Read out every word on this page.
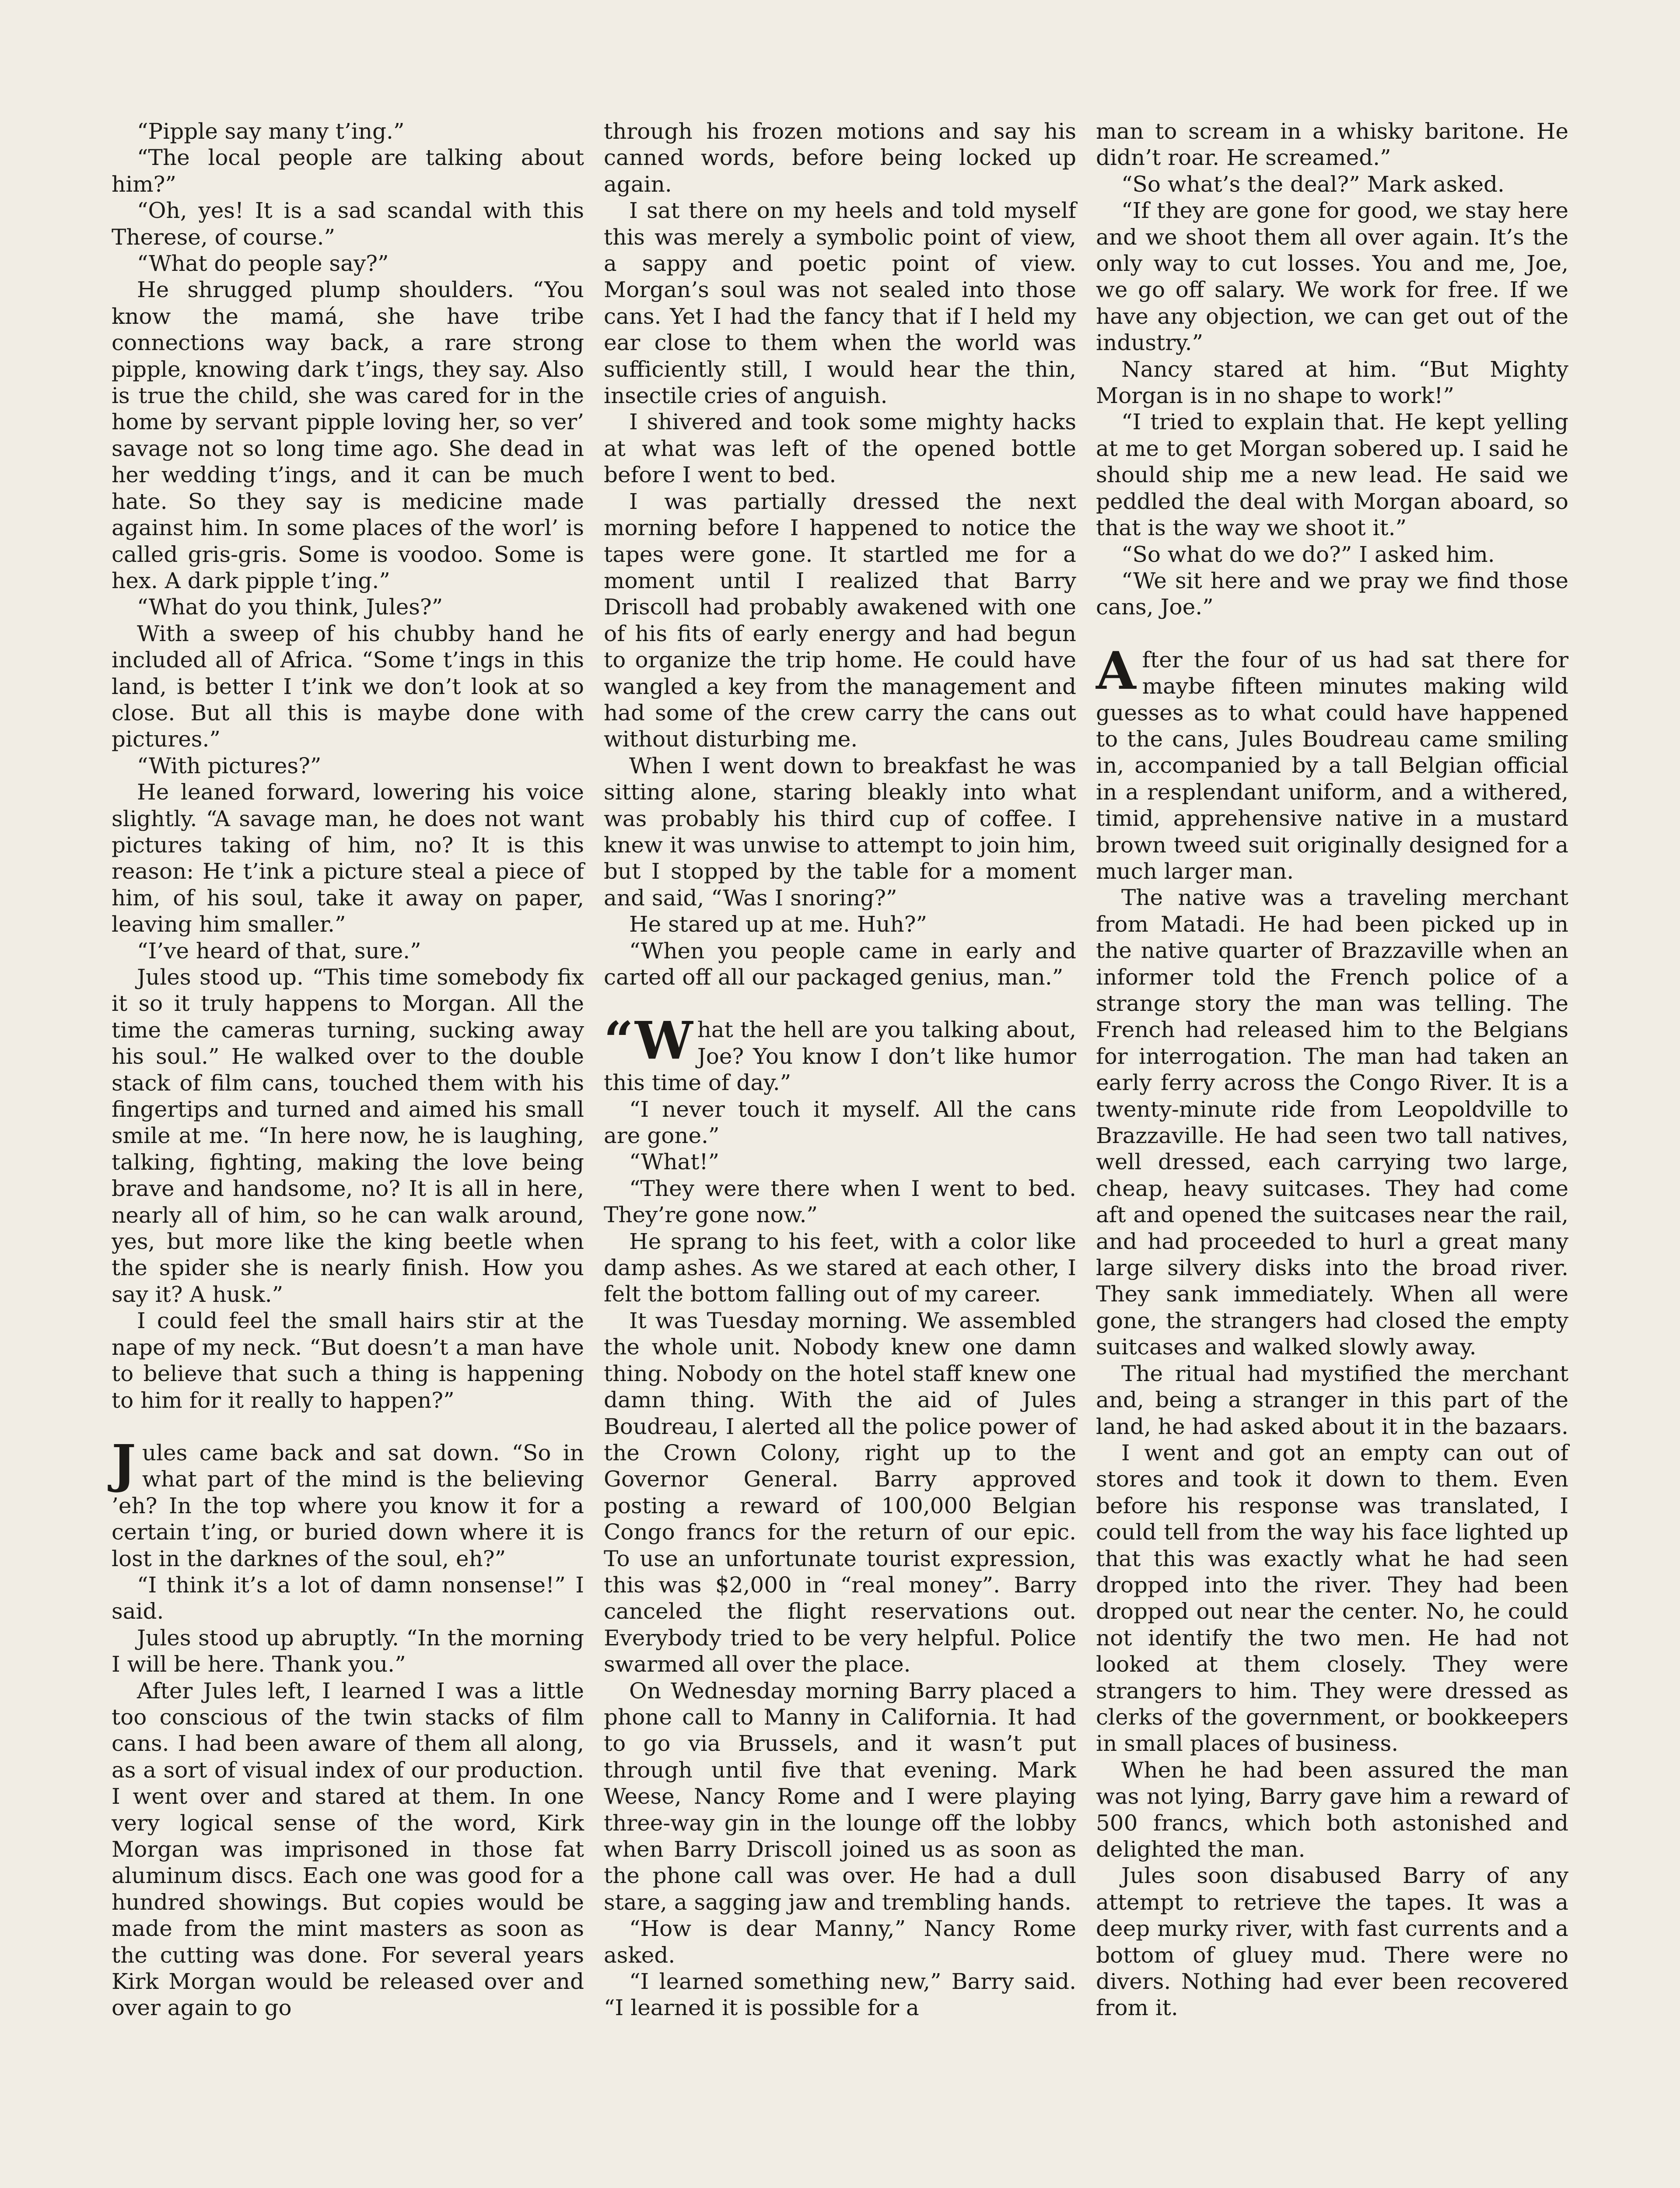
“Pipple say many t’ing.”

“The local people are talking about him?”

“Oh, yes! It is a sad scandal with this Therese, of course.”

“What do people say?”

He shrugged plump shoulders. “You know the mamá, she have tribe connections way back, a rare strong pipple, knowing dark t’ings, they say. Also is true the child, she was cared for in the home by servant pipple loving her, so ver’ savage not so long time ago. She dead in her wedding t’ings, and it can be much hate. So they say is medicine made against him. In some places of the worl’ is called gris-gris. Some is voodoo. Some is hex. A dark pipple t’ing.”

“What do you think, Jules?”

With a sweep of his chubby hand he included all of Africa. “Some t’ings in this land, is better I t’ink we don’t look at so close. But all this is maybe done with pictures.”

“With pictures?”

He leaned forward, lowering his voice slightly. “A savage man, he does not want pictures taking of him, no? It is this reason: He t’ink a picture steal a piece of him, of his soul, take it away on paper, leaving him smaller.”

“I’ve heard of that, sure.”

Jules stood up. “This time somebody fix it so it truly happens to Morgan. All the time the cameras turning, sucking away his soul.” He walked over to the double stack of film cans, touched them with his fingertips and turned and aimed his small smile at me. “In here now, he is laughing, talking, fighting, making the love being brave and handsome, no? It is all in here, nearly all of him, so he can walk around, yes, but more like the king beetle when the spider she is nearly finish. How you say it? A husk.”

I could feel the small hairs stir at the nape of my neck. “But doesn’t a man have to believe that such a thing is happening to him for it really to happen?”

Jules came back and sat down. “So in what part of the mind is the believing ’eh? In the top where you know it for a certain t’ing, or buried down where it is lost in the darknes of the soul, eh?”

“I think it’s a lot of damn nonsense!” I said.

Jules stood up abruptly. “In the morning I will be here. Thank you.”

After Jules left, I learned I was a little too conscious of the twin stacks of film cans. I had been aware of them all along, as a sort of visual index of our production. I went over and stared at them. In one very logical sense of the word, Kirk Morgan was imprisoned in those fat aluminum discs. Each one was good for a hundred showings. But copies would be made from the mint masters as soon as the cutting was done. For several years Kirk Morgan would be released over and over again to go

through his frozen motions and say his canned words, before being locked up again.

I sat there on my heels and told myself this was merely a symbolic point of view, a sappy and poetic point of view. Morgan’s soul was not sealed into those cans. Yet I had the fancy that if I held my ear close to them when the world was sufficiently still, I would hear the thin, insectile cries of anguish.

I shivered and took some mighty hacks at what was left of the opened bottle before I went to bed.

I was partially dressed the next morning before I happened to notice the tapes were gone. It startled me for a moment until I realized that Barry Driscoll had probably awakened with one of his fits of early energy and had begun to organize the trip home. He could have wangled a key from the management and had some of the crew carry the cans out without disturbing me.

When I went down to breakfast he was sitting alone, staring bleakly into what was probably his third cup of coffee. I knew it was unwise to attempt to join him, but I stopped by the table for a moment and said, “Was I snoring?”

He stared up at me. Huh?”

“When you people came in early and carted off all our packaged genius, man.”

“What the hell are you talking about, Joe? You know I don’t like humor this time of day.”

“I never touch it myself. All the cans are gone.”

“What!”

“They were there when I went to bed. They’re gone now.”

He sprang to his feet, with a color like damp ashes. As we stared at each other, I felt the bottom falling out of my career.

It was Tuesday morning. We assembled the whole unit. Nobody knew one damn thing. Nobody on the hotel staff knew one damn thing. With the aid of Jules Boudreau, I alerted all the police power of the Crown Colony, right up to the Governor General. Barry approved posting a reward of 100,000 Belgian Congo francs for the return of our epic. To use an unfortunate tourist expression, this was $2,000 in “real money”. Barry canceled the flight reservations out. Everybody tried to be very helpful. Police swarmed all over the place.

On Wednesday morning Barry placed a phone call to Manny in California. It had to go via Brussels, and it wasn’t put through until five that evening. Mark Weese, Nancy Rome and I were playing three-way gin in the lounge off the lobby when Barry Driscoll joined us as soon as the phone call was over. He had a dull stare, a sagging jaw and trembling hands.

“How is dear Manny,” Nancy Rome asked.

“I learned something new,” Barry said. “I learned it is possible for a

man to scream in a whisky baritone. He didn’t roar. He screamed.”

“So what’s the deal?” Mark asked.

“If they are gone for good, we stay here and we shoot them all over again. It’s the only way to cut losses. You and me, Joe, we go off salary. We work for free. If we have any objection, we can get out of the industry.”

Nancy stared at him. “But Mighty Morgan is in no shape to work!”

“I tried to explain that. He kept yelling at me to get Morgan sobered up. I said he should ship me a new lead. He said we peddled the deal with Morgan aboard, so that is the way we shoot it.”

“So what do we do?” I asked him.

“We sit here and we pray we find those cans, Joe.”

After the four of us had sat there for maybe fifteen minutes making wild guesses as to what could have happened to the cans, Jules Boudreau came smiling in, accompanied by a tall Belgian official in a resplendant uniform, and a withered, timid, apprehensive native in a mustard brown tweed suit originally designed for a much larger man.

The native was a traveling merchant from Matadi. He had been picked up in the native quarter of Brazzaville when an informer told the French police of a strange story the man was telling. The French had released him to the Belgians for interrogation. The man had taken an early ferry across the Congo River. It is a twenty-minute ride from Leopoldville to Brazzaville. He had seen two tall natives, well dressed, each carrying two large, cheap, heavy suitcases. They had come aft and opened the suitcases near the rail, and had proceeded to hurl a great many large silvery disks into the broad river. They sank immediately. When all were gone, the strangers had closed the empty suitcases and walked slowly away.

The ritual had mystified the merchant and, being a stranger in this part of the land, he had asked about it in the bazaars.

I went and got an empty can out of stores and took it down to them. Even before his response was translated, I could tell from the way his face lighted up that this was exactly what he had seen dropped into the river. They had been dropped out near the center. No, he could not identify the two men. He had not looked at them closely. They were strangers to him. They were dressed as clerks of the government, or bookkeepers in small places of business.

When he had been assured the man was not lying, Barry gave him a reward of 500 francs, which both astonished and delighted the man.

Jules soon disabused Barry of any attempt to retrieve the tapes. It was a deep murky river, with fast currents and a bottom of gluey mud. There were no divers. Nothing had ever been recovered from it.
